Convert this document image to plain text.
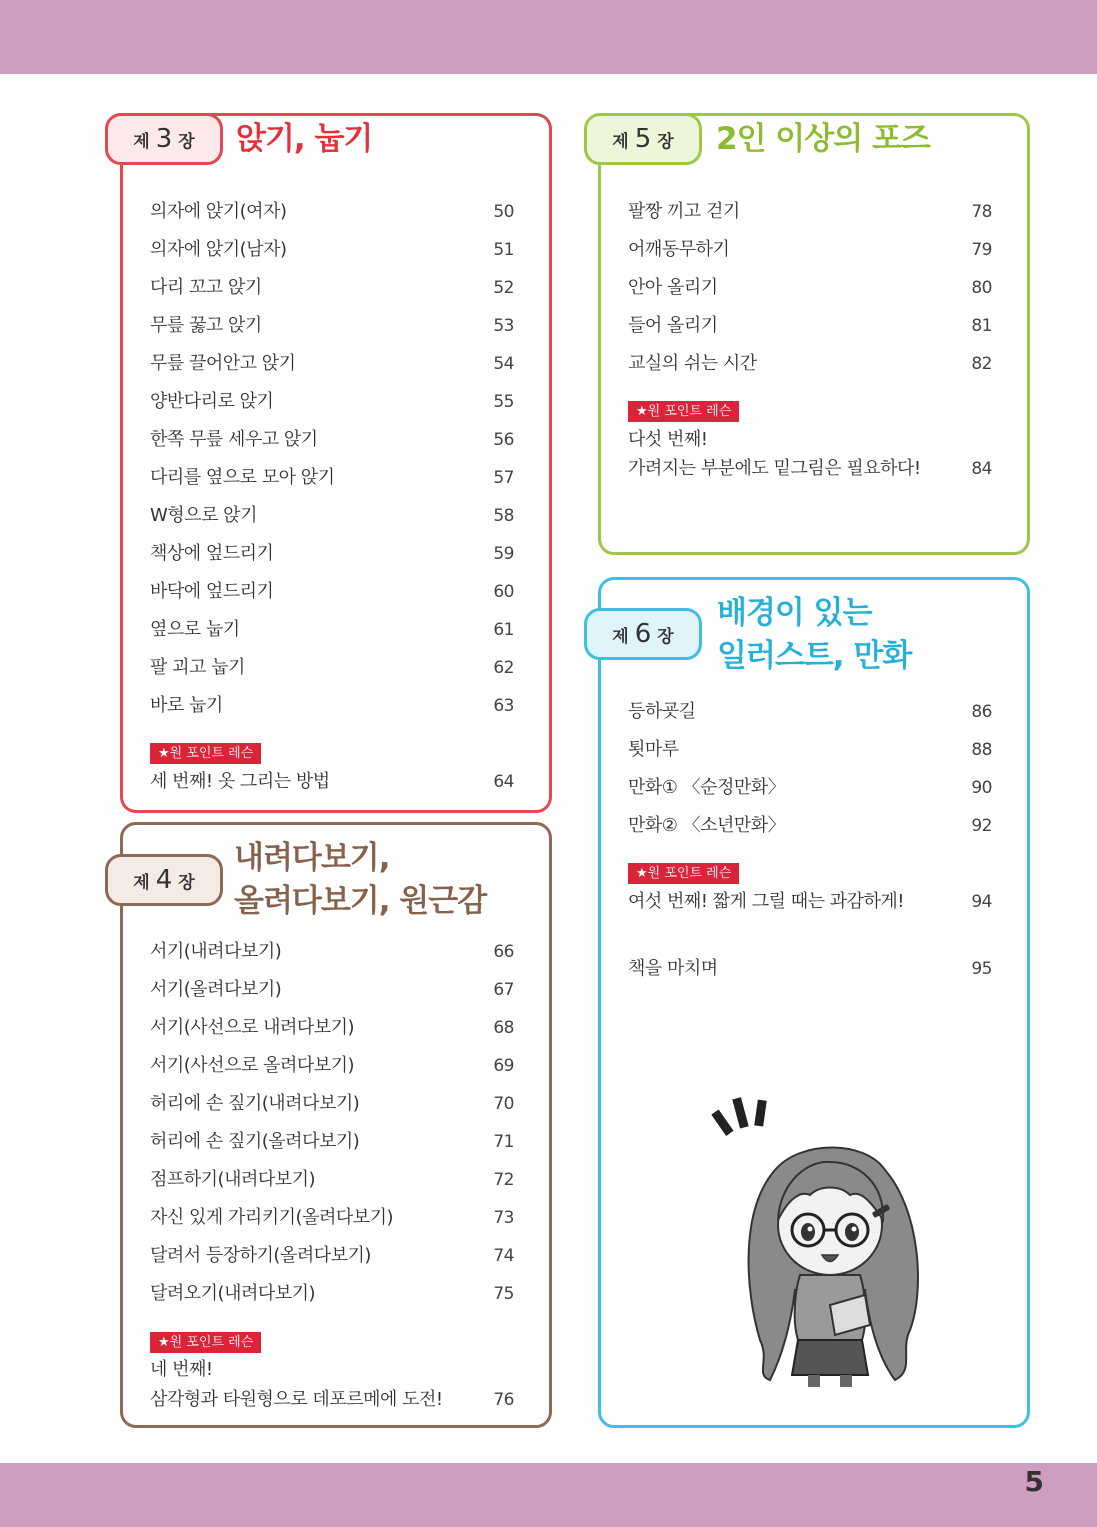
제 3 장 앉기, 눕기
의자에 앉기(여자)	50
의자에 앉기(남자)	51
다리 꼬고 앉기	52
무릎 꿇고 앉기	53
무릎 끌어안고 앉기	54
양반다리로 앉기	55
한쪽 무릎 세우고 앉기	56
다리를 옆으로 모아 앉기	57
W형으로 앉기	58
책상에 엎드리기	59
바닥에 엎드리기	60
옆으로 눕기	61
팔 괴고 눕기	62
바로 눕기	63
★원 포인트 레슨
세 번째! 옷 그리는 방법	64
제 4 장
내려다보기,
올려다보기, 원근감
서기(내려다보기)	66
서기(올려다보기)	67
서기(사선으로 내려다보기)	68
서기(사선으로 올려다보기)	69
허리에 손 짚기(내려다보기)	70
허리에 손 짚기(올려다보기)	71
점프하기(내려다보기)	72
자신 있게 가리키기(올려다보기)	73
달려서 등장하기(올려다보기)	74
달려오기(내려다보기)	75
★원 포인트 레슨
네 번째!
삼각형과 타원형으로 데포르메에 도전!	76
제 5 장 2인 이상의 포즈
팔짱 끼고 걷기	78
어깨동무하기	79
안아 올리기	80
들어 올리기	81
교실의 쉬는 시간	82
★원 포인트 레슨
다섯 번째!
가려지는 부분에도 밑그림은 필요하다!	84
제 6 장
배경이 있는
일러스트, 만화
등하굣길	86
툇마루	88
만화① 〈순정만화〉	90
만화② 〈소년만화〉	92
★원 포인트 레슨
여섯 번째! 짧게 그릴 때는 과감하게!	94
책을 마치며	95
5
